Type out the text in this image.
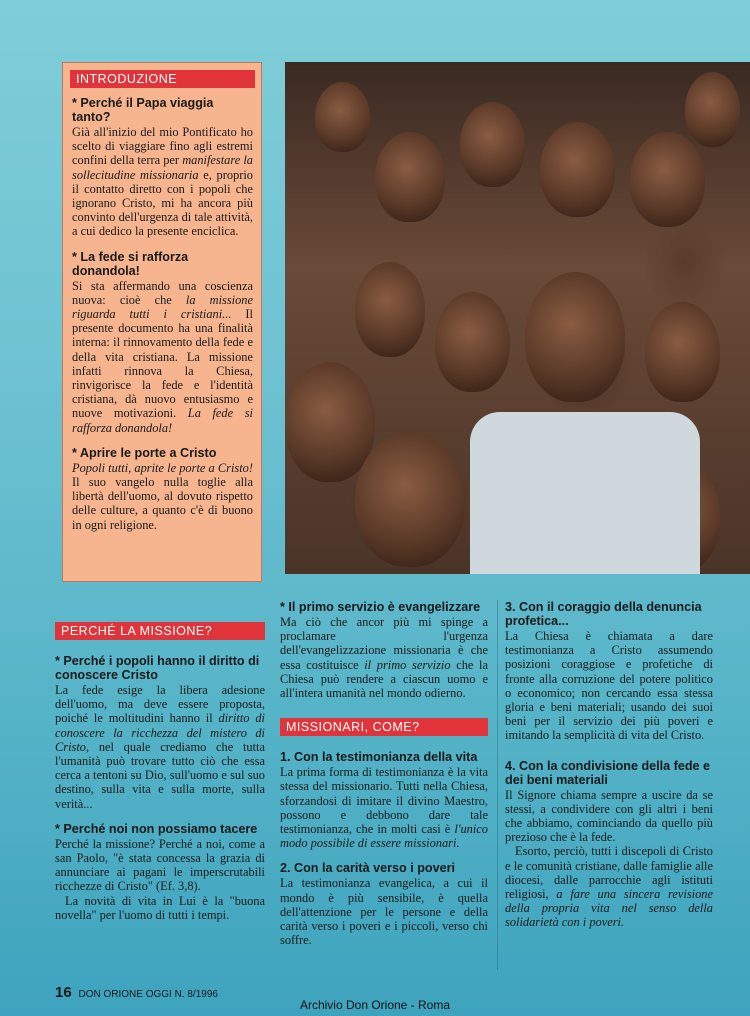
INTRODUZIONE
* Perché il Papa viaggia tanto?

Già all'inizio del mio Pontificato ho scelto di viaggiare fino agli estremi confini della terra per manifestare la sollecitudine missionaria e, proprio il contatto diretto con i popoli che ignorano Cristo, mi ha ancora più convinto dell'urgenza di tale attività, a cui dedico la presente enciclica.

* La fede si rafforza donandola!

Si sta affermando una coscienza nuova: cioè che la missione riguarda tutti i cristiani... Il presente documento ha una finalità interna: il rinnovamento della fede e della vita cristiana. La missione infatti rinnova la Chiesa, rinvigorisce la fede e l'identità cristiana, dà nuovo entusiasmo e nuove motivazioni. La fede si rafforza donandola!

* Aprire le porte a Cristo

Popoli tutti, aprite le porte a Cristo! Il suo vangelo nulla toglie alla libertà dell'uomo, al dovuto rispetto delle culture, a quanto c'è di buono in ogni religione.

PERCHÉ LA MISSIONE?
* Perché i popoli hanno il diritto di conoscere Cristo

La fede esige la libera adesione dell'uomo, ma deve essere proposta, poiché le moltitudini hanno il diritto di conoscere la ricchezza del mistero di Cristo, nel quale crediamo che tutta l'umanità può trovare tutto ciò che essa cerca a tentoni su Dio, sull'uomo e sul suo destino, sulla vita e sulla morte, sulla verità...

* Perché noi non possiamo tacere

Perché la missione? Perché a noi, come a san Paolo, "è stata concessa la grazia di annunciare ai pagani le imperscrutabili ricchezze di Cristo" (Ef. 3,8).

La novità di vita in Lui è la "buona novella" per l'uomo di tutti i tempi.

* Il primo servizio è evangelizzare

Ma ciò che ancor più mi spinge a proclamare l'urgenza dell'evangelizzazione missionaria è che essa costituisce il primo servizio che la Chiesa può rendere a ciascun uomo e all'intera umanità nel mondo odierno.

MISSIONARI, COME?
1. Con la testimonianza della vita

La prima forma di testimonianza è la vita stessa del missionario. Tutti nella Chiesa, sforzandosi di imitare il divino Maestro, possono e debbono dare tale testimonianza, che in molti casi è l'unico modo possibile di essere missionari.

2. Con la carità verso i poveri

La testimonianza evangelica, a cui il mondo è più sensibile, è quella dell'attenzione per le persone e della carità verso i poveri e i piccoli, verso chi soffre.

3. Con il coraggio della denuncia profetica...

La Chiesa è chiamata a dare testimonianza a Cristo assumendo posizioni coraggiose e profetiche di fronte alla corruzione del potere politico o economico; non cercando essa stessa gloria e beni materiali; usando dei suoi beni per il servizio dei più poveri e imitando la semplicità di vita del Cristo.

4. Con la condivisione della fede e dei beni materiali

Il Signore chiama sempre a uscire da se stessi, a condividere con gli altri i beni che abbiamo, cominciando da quello più prezioso che è la fede.

Esorto, perciò, tutti i discepoli di Cristo e le comunità cristiane, dalle famiglie alle diocesi, dalle parrocchie agli istituti religiosi, a fare una sincera revisione della propria vita nel senso della solidarietà con i poveri.

16 DON ORIONE OGGI N. 8/1996
Archivio Don Orione - Roma
